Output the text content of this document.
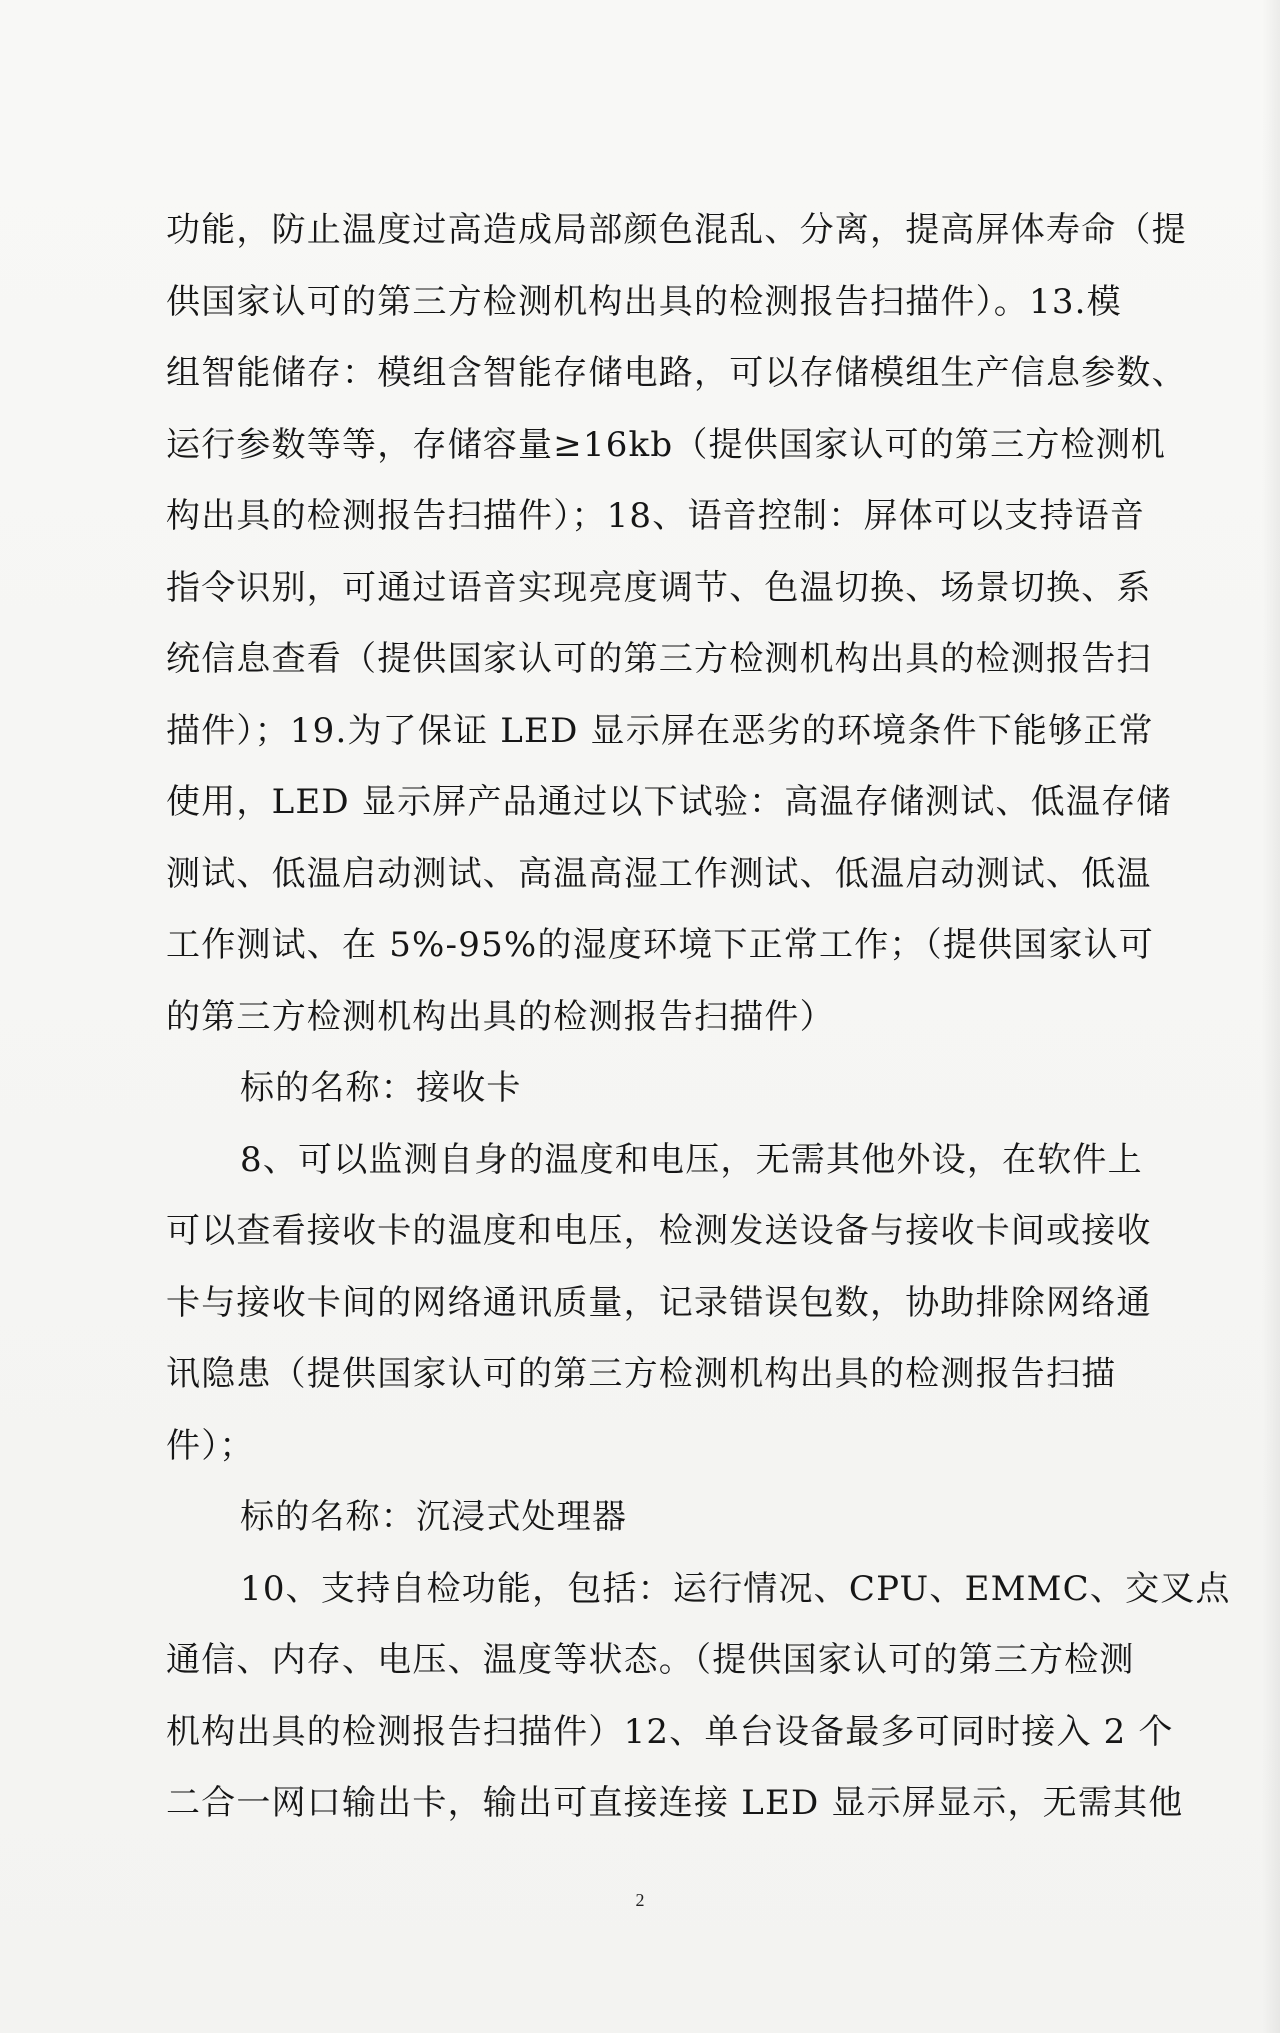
功能，防止温度过高造成局部颜色混乱、分离，提高屏体寿命（提
供国家认可的第三方检测机构出具的检测报告扫描件）。13.模
组智能储存：模组含智能存储电路，可以存储模组生产信息参数、
运行参数等等，存储容量≥16kb（提供国家认可的第三方检测机
构出具的检测报告扫描件）；18、语音控制：屏体可以支持语音
指令识别，可通过语音实现亮度调节、色温切换、场景切换、系
统信息查看（提供国家认可的第三方检测机构出具的检测报告扫
描件）；19.为了保证 LED 显示屏在恶劣的环境条件下能够正常
使用，LED 显示屏产品通过以下试验：高温存储测试、低温存储
测试、低温启动测试、高温高湿工作测试、低温启动测试、低温
工作测试、在 5%-95%的湿度环境下正常工作；（提供国家认可
的第三方检测机构出具的检测报告扫描件）
标的名称：接收卡
8、可以监测自身的温度和电压，无需其他外设，在软件上
可以查看接收卡的温度和电压，检测发送设备与接收卡间或接收
卡与接收卡间的网络通讯质量，记录错误包数，协助排除网络通
讯隐患（提供国家认可的第三方检测机构出具的检测报告扫描
件）；
标的名称：沉浸式处理器
10、支持自检功能，包括：运行情况、CPU、EMMC、交叉点
通信、内存、电压、温度等状态。（提供国家认可的第三方检测
机构出具的检测报告扫描件）12、单台设备最多可同时接入 2 个
二合一网口输出卡，输出可直接连接 LED 显示屏显示，无需其他
2
